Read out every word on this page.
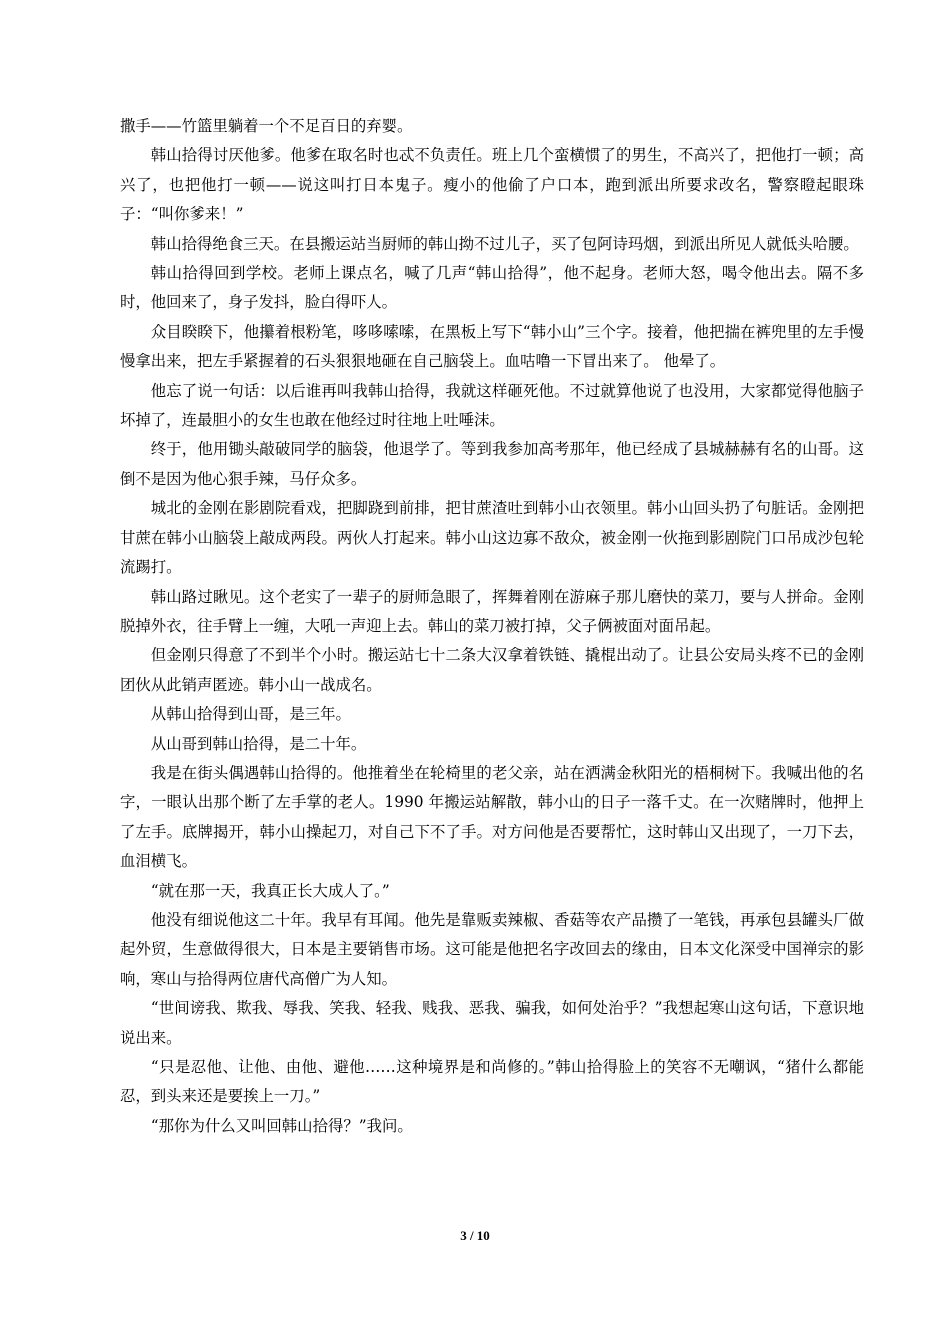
撒手——竹篮里躺着一个不足百日的弃婴。

韩山拾得讨厌他爹。他爹在取名时也忒不负责任。班上几个蛮横惯了的男生，不高兴了，把他打一顿；高兴了，也把他打一顿——说这叫打日本鬼子。瘦小的他偷了户口本，跑到派出所要求改名，警察瞪起眼珠子：“叫你爹来！”

韩山拾得绝食三天。在县搬运站当厨师的韩山拗不过儿子，买了包阿诗玛烟，到派出所见人就低头哈腰。

韩山拾得回到学校。老师上课点名，喊了几声“韩山拾得”，他不起身。老师大怒，喝令他出去。隔不多时，他回来了，身子发抖，脸白得吓人。

众目睽睽下，他攥着根粉笔，哆哆嗦嗦，在黑板上写下“韩小山”三个字。接着，他把揣在裤兜里的左手慢慢拿出来，把左手紧握着的石头狠狠地砸在自己脑袋上。血咕噜一下冒出来了。 他晕了。

他忘了说一句话：以后谁再叫我韩山拾得，我就这样砸死他。不过就算他说了也没用，大家都觉得他脑子坏掉了，连最胆小的女生也敢在他经过时往地上吐唾沫。

终于，他用锄头敲破同学的脑袋，他退学了。等到我参加高考那年，他已经成了县城赫赫有名的山哥。这倒不是因为他心狠手辣，马仔众多。

城北的金刚在影剧院看戏，把脚跷到前排，把甘蔗渣吐到韩小山衣领里。韩小山回头扔了句脏话。金刚把甘蔗在韩小山脑袋上敲成两段。两伙人打起来。韩小山这边寡不敌众，被金刚一伙拖到影剧院门口吊成沙包轮流踢打。

韩山路过瞅见。这个老实了一辈子的厨师急眼了，挥舞着刚在游麻子那儿磨快的菜刀，要与人拼命。金刚脱掉外衣，往手臂上一缠，大吼一声迎上去。韩山的菜刀被打掉，父子俩被面对面吊起。

但金刚只得意了不到半个小时。搬运站七十二条大汉拿着铁链、撬棍出动了。让县公安局头疼不已的金刚团伙从此销声匿迹。韩小山一战成名。

从韩山拾得到山哥，是三年。

从山哥到韩山拾得，是二十年。

我是在街头偶遇韩山拾得的。他推着坐在轮椅里的老父亲，站在洒满金秋阳光的梧桐树下。我喊出他的名字，一眼认出那个断了左手掌的老人。1990 年搬运站解散，韩小山的日子一落千丈。在一次赌牌时，他押上了左手。底牌揭开，韩小山操起刀，对自己下不了手。对方问他是否要帮忙，这时韩山又出现了，一刀下去，血泪横飞。

“就在那一天，我真正长大成人了。”

他没有细说他这二十年。我早有耳闻。他先是靠贩卖辣椒、香菇等农产品攒了一笔钱，再承包县罐头厂做起外贸，生意做得很大，日本是主要销售市场。这可能是他把名字改回去的缘由，日本文化深受中国禅宗的影响，寒山与拾得两位唐代高僧广为人知。

“世间谤我、欺我、辱我、笑我、轻我、贱我、恶我、骗我，如何处治乎？”我想起寒山这句话，下意识地说出来。

“只是忍他、让他、由他、避他……这种境界是和尚修的。”韩山拾得脸上的笑容不无嘲讽，“猪什么都能忍，到头来还是要挨上一刀。”

“那你为什么又叫回韩山拾得？”我问。

3 / 10
